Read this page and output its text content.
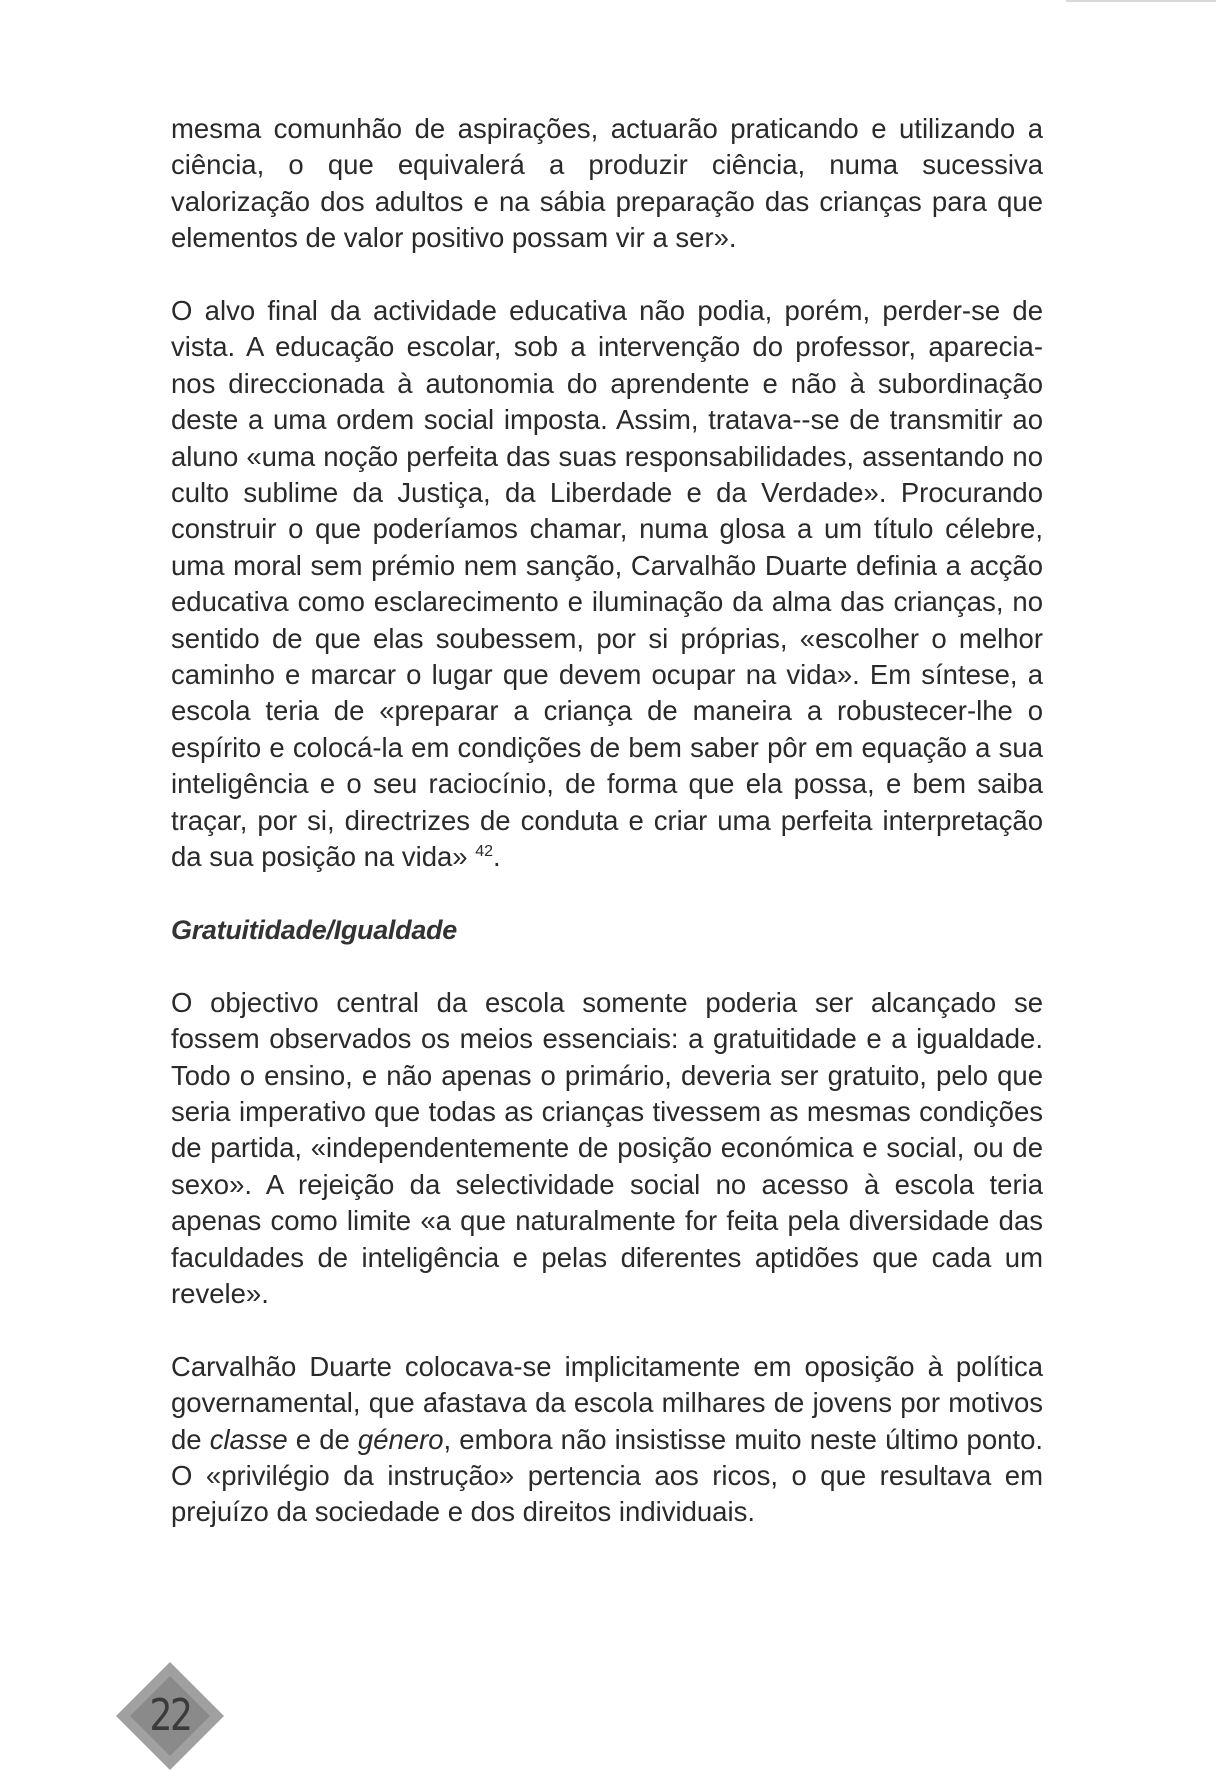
mesma comunhão de aspirações, actuarão praticando e utilizando a ciência, o que equivalerá a produzir ciência, numa sucessiva valorização dos adultos e na sábia preparação das crianças para que elementos de valor positivo possam vir a ser».

O alvo final da actividade educativa não podia, porém, perder-se de vista. A educação escolar, sob a intervenção do professor, aparecia-nos direccionada à autonomia do aprendente e não à subordinação deste a uma ordem social imposta. Assim, tratava--se de transmitir ao aluno «uma noção perfeita das suas responsabilidades, assentando no culto sublime da Justiça, da Liberdade e da Verdade». Procurando construir o que poderíamos chamar, numa glosa a um título célebre, uma moral sem prémio nem sanção, Carvalhão Duarte definia a acção educativa como esclarecimento e iluminação da alma das crianças, no sentido de que elas soubessem, por si próprias, «escolher o melhor caminho e marcar o lugar que devem ocupar na vida». Em síntese, a escola teria de «preparar a criança de maneira a robustecer-lhe o espírito e colocá-la em condições de bem saber pôr em equação a sua inteligência e o seu raciocínio, de forma que ela possa, e bem saiba traçar, por si, directrizes de conduta e criar uma perfeita interpretação da sua posição na vida» $^{42}$.

Gratuitidade/Igualdade

O objectivo central da escola somente poderia ser alcançado se fossem observados os meios essenciais: a gratuitidade e a igualdade. Todo o ensino, e não apenas o primário, deveria ser gratuito, pelo que seria imperativo que todas as crianças tivessem as mesmas condições de partida, «independentemente de posição económica e social, ou de sexo». A rejeição da selectividade social no acesso à escola teria apenas como limite «a que naturalmente for feita pela diversidade das faculdades de inteligência e pelas diferentes aptidões que cada um revele».

Carvalhão Duarte colocava-se implicitamente em oposição à política governamental, que afastava da escola milhares de jovens por motivos de classe e de género, embora não insistisse muito neste último ponto. O «privilégio da instrução» pertencia aos ricos, o que resultava em prejuízo da sociedade e dos direitos individuais.

22
